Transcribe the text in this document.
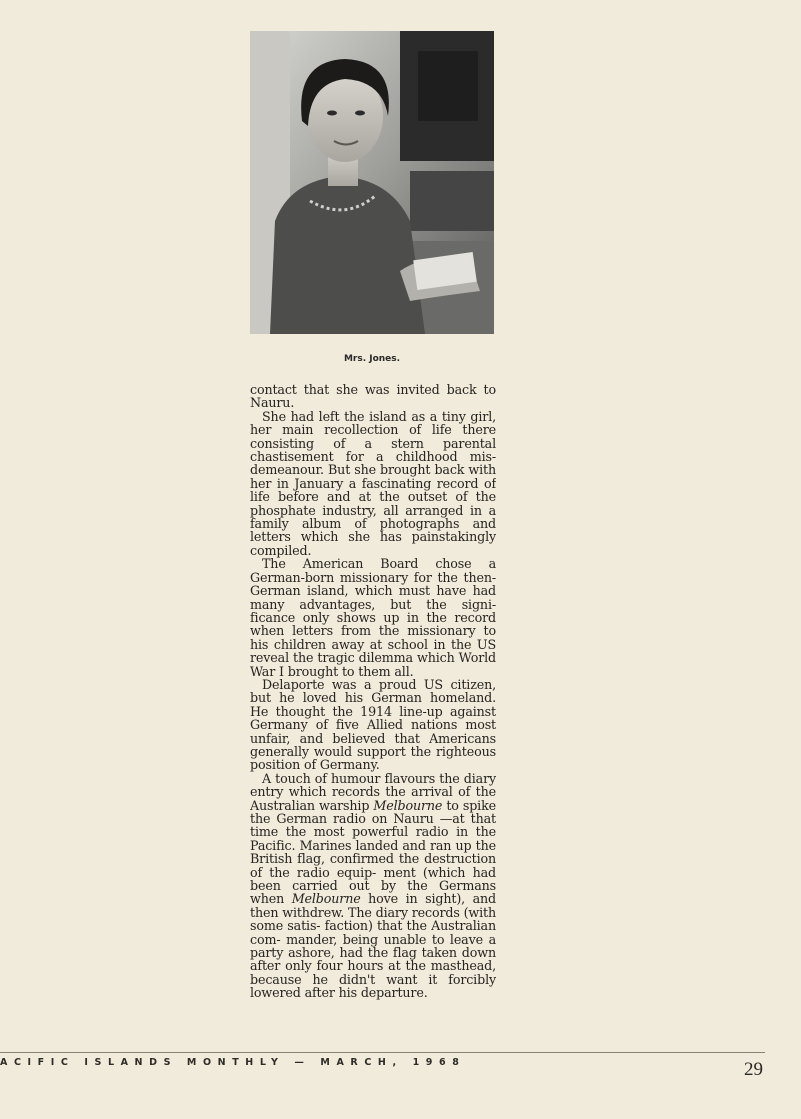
Mrs. Jones.

contact that she was invited back to Nauru.

She had left the island as a tiny girl, her main recollection of life there consisting of a stern parental chastisement for a childhood mis- demeanour. But she brought back with her in January a fascinating record of life before and at the outset of the phosphate industry, all arranged in a family album of photographs and letters which she has painstakingly compiled.

The American Board chose a German-born missionary for the then-German island, which must have had many advantages, but the signi- ficance only shows up in the record when letters from the missionary to his children away at school in the US reveal the tragic dilemma which World War I brought to them all.

Delaporte was a proud US citizen, but he loved his German homeland. He thought the 1914 line-up against Germany of five Allied nations most unfair, and believed that Americans generally would support the righteous position of Germany.

A touch of humour flavours the diary entry which records the arrival of the Australian warship Melbourne to spike the German radio on Nauru —at that time the most powerful radio in the Pacific. Marines landed and ran up the British flag, confirmed the destruction of the radio equip- ment (which had been carried out by the Germans when Melbourne hove in sight), and then withdrew. The diary records (with some satis- faction) that the Australian com- mander, being unable to leave a party ashore, had the flag taken down after only four hours at the masthead, because he didn't want it forcibly lowered after his departure.

ACIFIC ISLANDS MONTHLY — MARCH, 1968	29
